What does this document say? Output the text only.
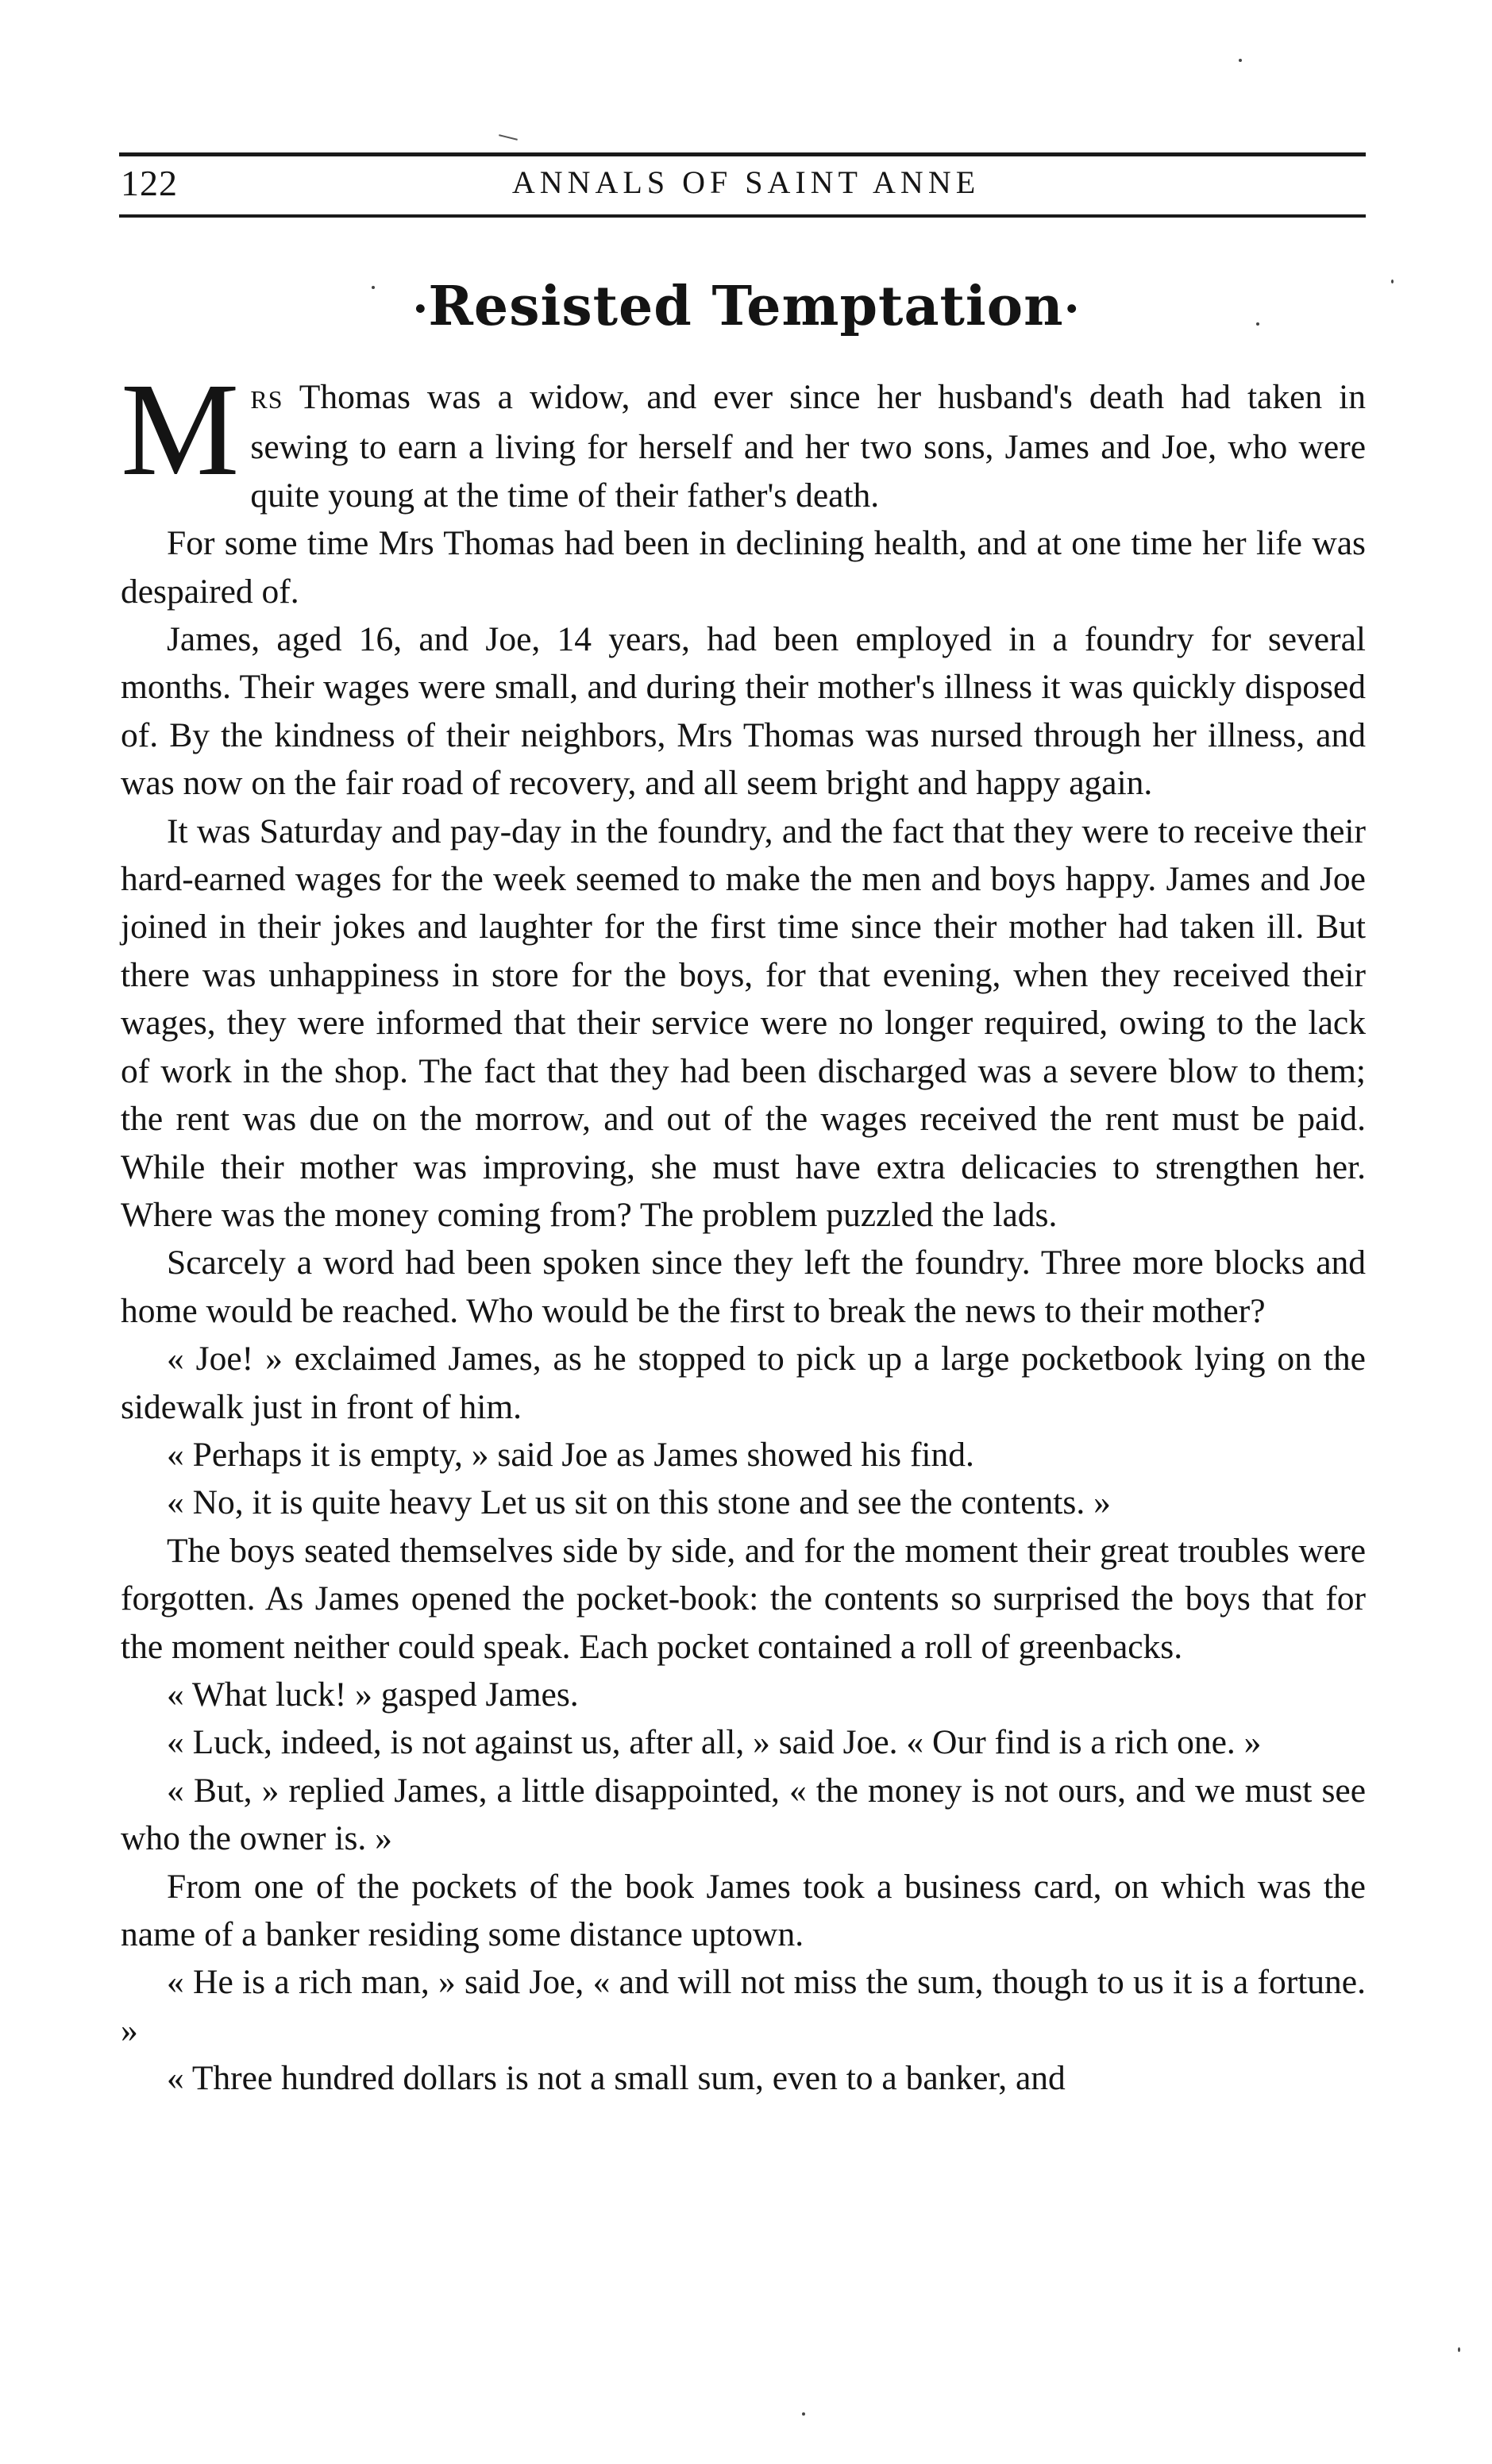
122	ANNALS OF SAINT ANNE
·Resisted Temptation·

MRS Thomas was a widow, and ever since her husband's death had taken in sewing to earn a living for herself and her two sons, James and Joe, who were quite young at the time of their father's death.

For some time Mrs Thomas had been in declining health, and at one time her life was despaired of.

James, aged 16, and Joe, 14 years, had been employed in a foundry for several months. Their wages were small, and during their mother's illness it was quickly disposed of. By the kindness of their neighbors, Mrs Thomas was nursed through her illness, and was now on the fair road of recovery, and all seem bright and happy again.

It was Saturday and pay-day in the foundry, and the fact that they were to receive their hard-earned wages for the week seemed to make the men and boys happy. James and Joe joined in their jokes and laughter for the first time since their mother had taken ill. But there was unhappiness in store for the boys, for that evening, when they received their wages, they were informed that their service were no longer required, owing to the lack of work in the shop. The fact that they had been discharged was a severe blow to them; the rent was due on the morrow, and out of the wages received the rent must be paid. While their mother was improving, she must have extra delicacies to strengthen her. Where was the money coming from? The problem puzzled the lads.

Scarcely a word had been spoken since they left the foundry. Three more blocks and home would be reached. Who would be the first to break the news to their mother?

« Joe! » exclaimed James, as he stopped to pick up a large pocketbook lying on the sidewalk just in front of him.

« Perhaps it is empty, » said Joe as James showed his find.

« No, it is quite heavy Let us sit on this stone and see the contents. »

The boys seated themselves side by side, and for the moment their great troubles were forgotten. As James opened the pocket-book: the contents so surprised the boys that for the moment neither could speak. Each pocket contained a roll of greenbacks.

« What luck! » gasped James.

« Luck, indeed, is not against us, after all, » said Joe. « Our find is a rich one. »

« But, » replied James, a little disappointed, « the money is not ours, and we must see who the owner is. »

From one of the pockets of the book James took a business card, on which was the name of a banker residing some distance uptown.

« He is a rich man, » said Joe, « and will not miss the sum, though to us it is a fortune. »

« Three hundred dollars is not a small sum, even to a banker, and
